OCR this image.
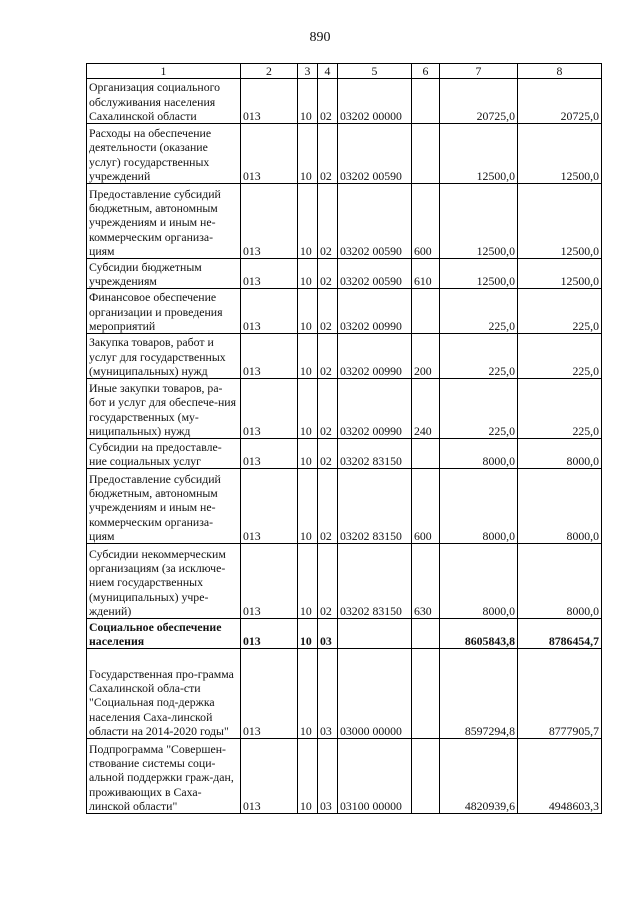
890
1	2	3	4	5	6	7	8
Организация социального обслуживания населения Сахалинской области	013	10	02	03202 00000		20725,0	20725,0
Расходы на обеспечение деятельности (оказание услуг) государственных учреждений	013	10	02	03202 00590		12500,0	12500,0
Предоставление субсидий бюджетным, автономным учреждениям и иным не-коммерческим организа-циям	013	10	02	03202 00590	600	12500,0	12500,0
Субсидии бюджетным учреждениям	013	10	02	03202 00590	610	12500,0	12500,0
Финансовое обеспечение организации и проведения мероприятий	013	10	02	03202 00990		225,0	225,0
Закупка товаров, работ и услуг для государственных (муниципальных) нужд	013	10	02	03202 00990	200	225,0	225,0
Иные закупки товаров, ра-бот и услуг для обеспече-ния государственных (му-ниципальных) нужд	013	10	02	03202 00990	240	225,0	225,0
Субсидии на предоставле-ние социальных услуг	013	10	02	03202 83150		8000,0	8000,0
Предоставление субсидий бюджетным, автономным учреждениям и иным не-коммерческим организа-циям	013	10	02	03202 83150	600	8000,0	8000,0
Субсидии некоммерческим организациям (за исключе-нием государственных (муниципальных) учре-ждений)	013	10	02	03202 83150	630	8000,0	8000,0
Социальное обеспечение населения	013	10	03			8605843,8	8786454,7
Государственная про-грамма Сахалинской обла-сти "Социальная под-держка населения Саха-линской области на 2014-2020 годы"	013	10	03	03000 00000		8597294,8	8777905,7
Подпрограмма "Совершен-ствование системы соци-альной поддержки граж-дан, проживающих в Саха-линской области"	013	10	03	03100 00000		4820939,6	4948603,3
